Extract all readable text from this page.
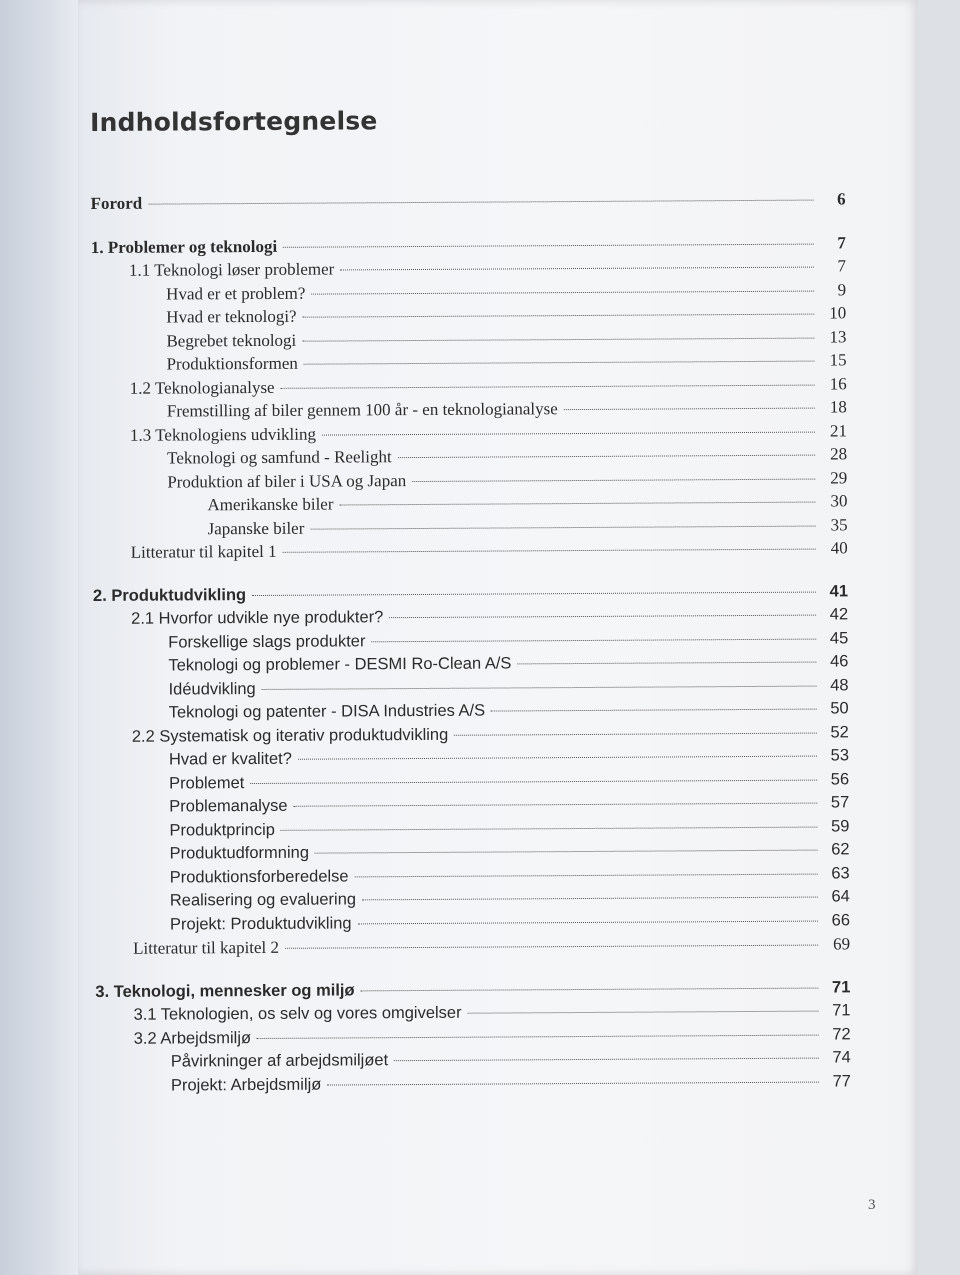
Indholdsfortegnelse
Forord	6
1. Problemer og teknologi	7
1.1 Teknologi løser problemer	7
Hvad er et problem?	9
Hvad er teknologi?	10
Begrebet teknologi	13
Produktionsformen	15
1.2 Teknologianalyse	16
Fremstilling af biler gennem 100 år - en teknologianalyse	18
1.3 Teknologiens udvikling	21
Teknologi og samfund - Reelight	28
Produktion af biler i USA og Japan	29
Amerikanske biler	30
Japanske biler	35
Litteratur til kapitel 1	40
2. Produktudvikling	41
2.1 Hvorfor udvikle nye produkter?	42
Forskellige slags produkter	45
Teknologi og problemer - DESMI Ro-Clean A/S	46
Idéudvikling	48
Teknologi og patenter - DISA Industries A/S	50
2.2 Systematisk og iterativ produktudvikling	52
Hvad er kvalitet?	53
Problemet	56
Problemanalyse	57
Produktprincip	59
Produktudformning	62
Produktionsforberedelse	63
Realisering og evaluering	64
Projekt: Produktudvikling	66
Litteratur til kapitel 2	69
3. Teknologi, mennesker og miljø	71
3.1 Teknologien, os selv og vores omgivelser	71
3.2 Arbejdsmiljø	72
Påvirkninger af arbejdsmiljøet	74
Projekt: Arbejdsmiljø	77
3
